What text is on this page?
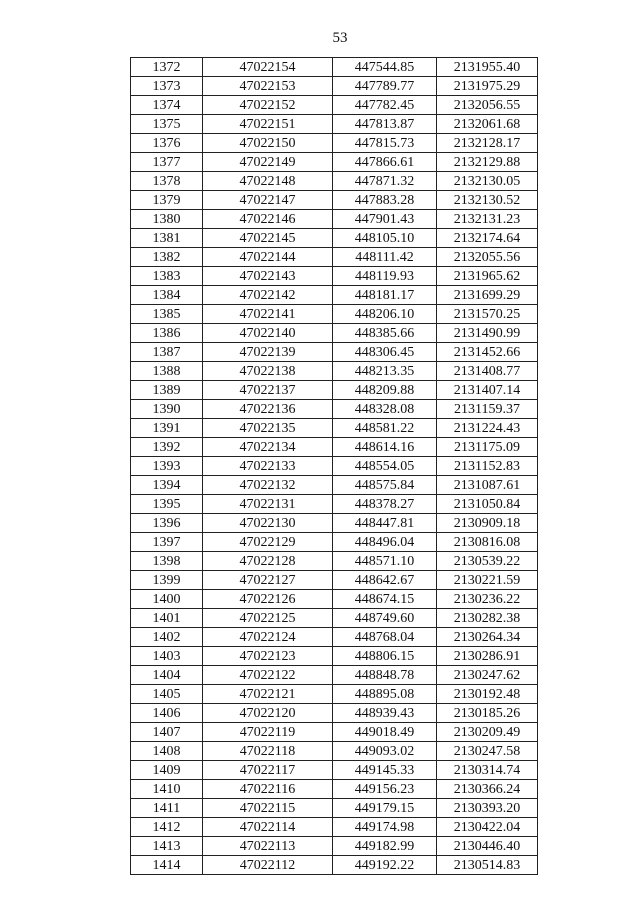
53
1372	47022154	447544.85	2131955.40
1373	47022153	447789.77	2131975.29
1374	47022152	447782.45	2132056.55
1375	47022151	447813.87	2132061.68
1376	47022150	447815.73	2132128.17
1377	47022149	447866.61	2132129.88
1378	47022148	447871.32	2132130.05
1379	47022147	447883.28	2132130.52
1380	47022146	447901.43	2132131.23
1381	47022145	448105.10	2132174.64
1382	47022144	448111.42	2132055.56
1383	47022143	448119.93	2131965.62
1384	47022142	448181.17	2131699.29
1385	47022141	448206.10	2131570.25
1386	47022140	448385.66	2131490.99
1387	47022139	448306.45	2131452.66
1388	47022138	448213.35	2131408.77
1389	47022137	448209.88	2131407.14
1390	47022136	448328.08	2131159.37
1391	47022135	448581.22	2131224.43
1392	47022134	448614.16	2131175.09
1393	47022133	448554.05	2131152.83
1394	47022132	448575.84	2131087.61
1395	47022131	448378.27	2131050.84
1396	47022130	448447.81	2130909.18
1397	47022129	448496.04	2130816.08
1398	47022128	448571.10	2130539.22
1399	47022127	448642.67	2130221.59
1400	47022126	448674.15	2130236.22
1401	47022125	448749.60	2130282.38
1402	47022124	448768.04	2130264.34
1403	47022123	448806.15	2130286.91
1404	47022122	448848.78	2130247.62
1405	47022121	448895.08	2130192.48
1406	47022120	448939.43	2130185.26
1407	47022119	449018.49	2130209.49
1408	47022118	449093.02	2130247.58
1409	47022117	449145.33	2130314.74
1410	47022116	449156.23	2130366.24
1411	47022115	449179.15	2130393.20
1412	47022114	449174.98	2130422.04
1413	47022113	449182.99	2130446.40
1414	47022112	449192.22	2130514.83
